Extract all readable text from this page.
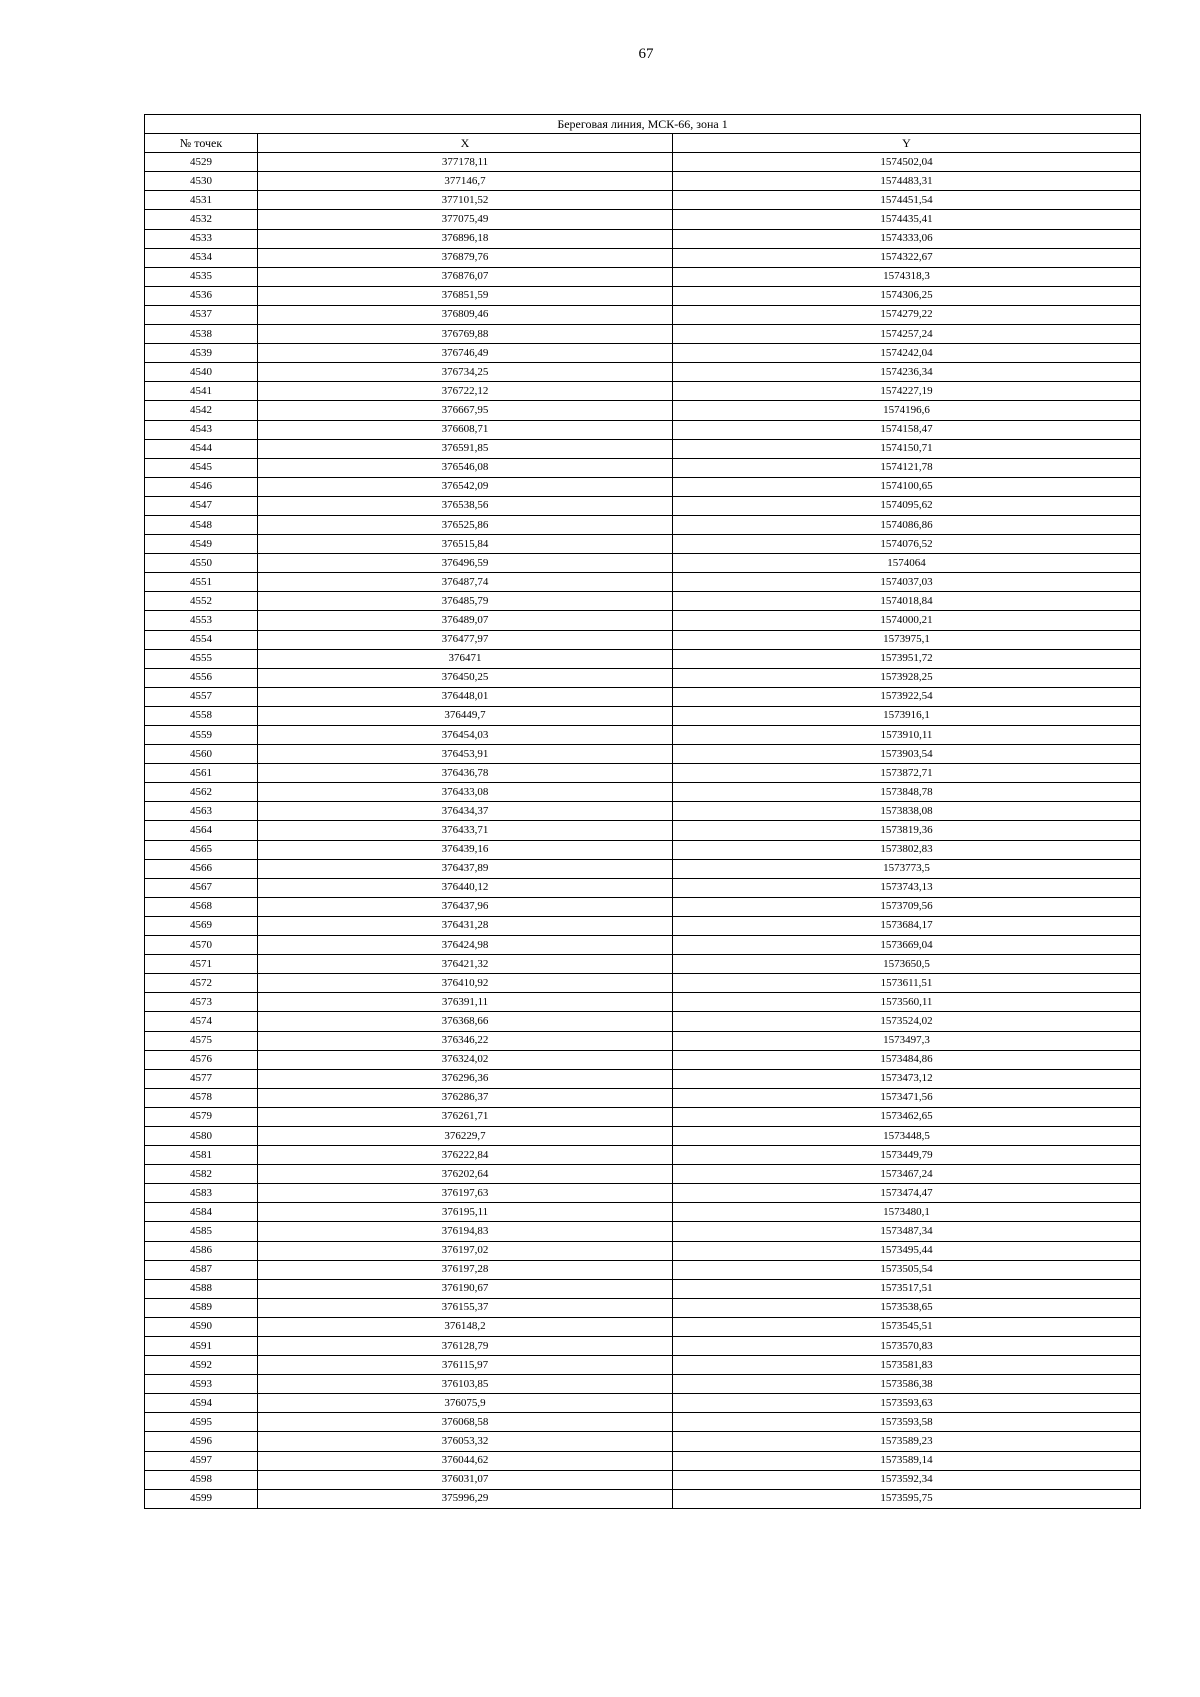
67
Береговая линия, МСК-66, зона 1		
№ точек	X	Y
4529	377178,11	1574502,04
4530	377146,7	1574483,31
4531	377101,52	1574451,54
4532	377075,49	1574435,41
4533	376896,18	1574333,06
4534	376879,76	1574322,67
4535	376876,07	1574318,3
4536	376851,59	1574306,25
4537	376809,46	1574279,22
4538	376769,88	1574257,24
4539	376746,49	1574242,04
4540	376734,25	1574236,34
4541	376722,12	1574227,19
4542	376667,95	1574196,6
4543	376608,71	1574158,47
4544	376591,85	1574150,71
4545	376546,08	1574121,78
4546	376542,09	1574100,65
4547	376538,56	1574095,62
4548	376525,86	1574086,86
4549	376515,84	1574076,52
4550	376496,59	1574064
4551	376487,74	1574037,03
4552	376485,79	1574018,84
4553	376489,07	1574000,21
4554	376477,97	1573975,1
4555	376471	1573951,72
4556	376450,25	1573928,25
4557	376448,01	1573922,54
4558	376449,7	1573916,1
4559	376454,03	1573910,11
4560	376453,91	1573903,54
4561	376436,78	1573872,71
4562	376433,08	1573848,78
4563	376434,37	1573838,08
4564	376433,71	1573819,36
4565	376439,16	1573802,83
4566	376437,89	1573773,5
4567	376440,12	1573743,13
4568	376437,96	1573709,56
4569	376431,28	1573684,17
4570	376424,98	1573669,04
4571	376421,32	1573650,5
4572	376410,92	1573611,51
4573	376391,11	1573560,11
4574	376368,66	1573524,02
4575	376346,22	1573497,3
4576	376324,02	1573484,86
4577	376296,36	1573473,12
4578	376286,37	1573471,56
4579	376261,71	1573462,65
4580	376229,7	1573448,5
4581	376222,84	1573449,79
4582	376202,64	1573467,24
4583	376197,63	1573474,47
4584	376195,11	1573480,1
4585	376194,83	1573487,34
4586	376197,02	1573495,44
4587	376197,28	1573505,54
4588	376190,67	1573517,51
4589	376155,37	1573538,65
4590	376148,2	1573545,51
4591	376128,79	1573570,83
4592	376115,97	1573581,83
4593	376103,85	1573586,38
4594	376075,9	1573593,63
4595	376068,58	1573593,58
4596	376053,32	1573589,23
4597	376044,62	1573589,14
4598	376031,07	1573592,34
4599	375996,29	1573595,75
